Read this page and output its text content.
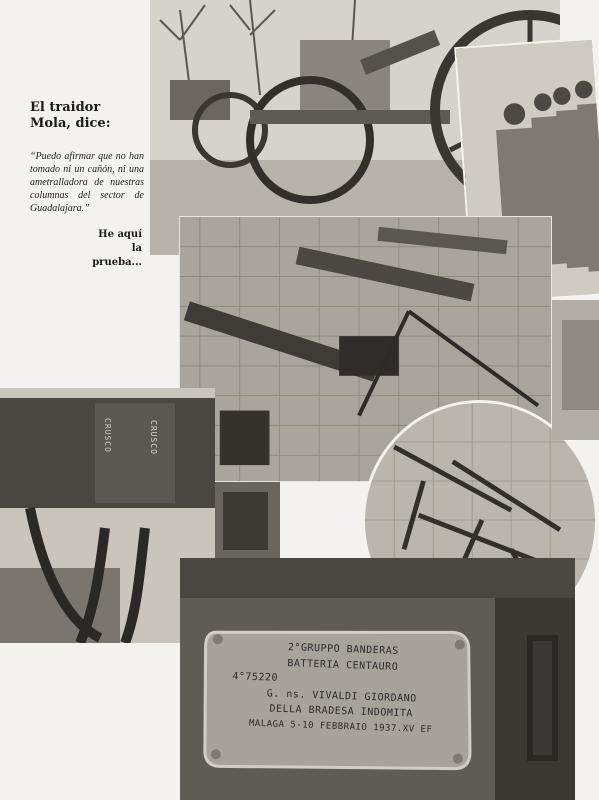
El traidor
Mola, dice:
“Puedo afirmar que no han tomado ni un cañón, ni una ametralladora de nuestras columnas del sector de Guadalajara.”
He aquí
la prueba...
CRUSCO	CRUSCO
2°GRUPPO BANDERAS
BATTERIA CENTAURO
4°75220
G. ns. VIVALDI GIORDANO
DELLA BRADESA INDOMITA
MALAGA 5-10 FEBBRAIO 1937.XV EF
